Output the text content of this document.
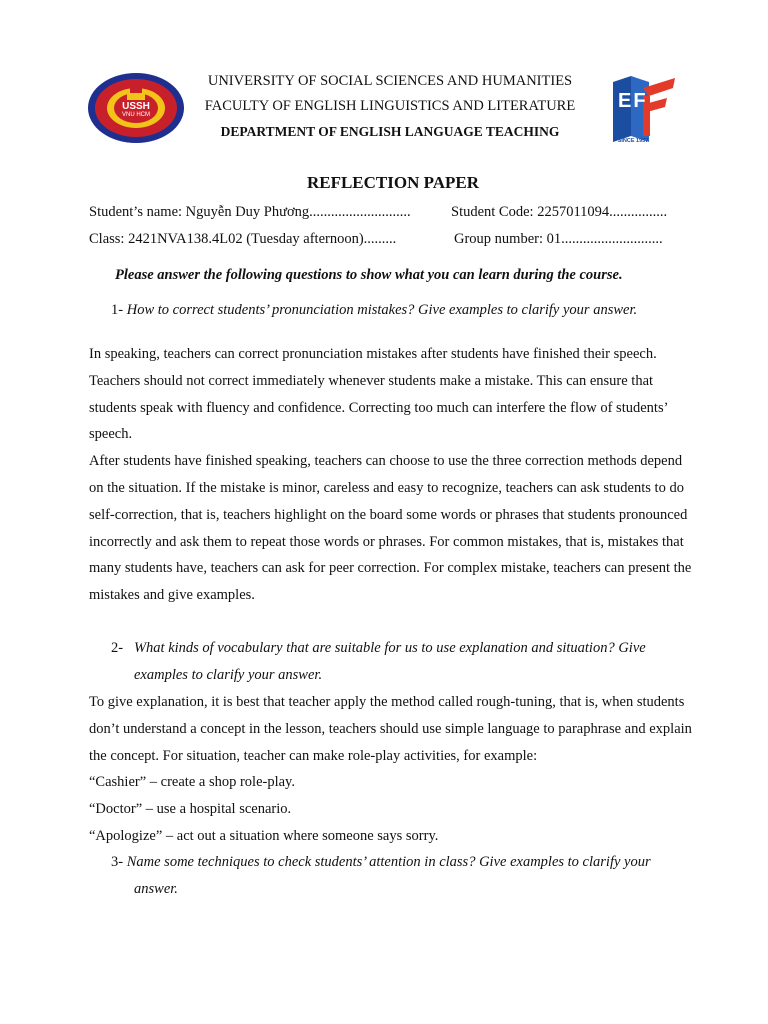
USSH
VNU HCM
EF
SINCE 1957
UNIVERSITY OF SOCIAL SCIENCES AND HUMANITIES
FACULTY OF ENGLISH LINGUISTICS AND LITERATURE
DEPARTMENT OF ENGLISH LANGUAGE TEACHING
REFLECTION PAPER
Student’s name: Nguyễn Duy Phương............................	Student Code: 2257011094................
Class: 2421NVA138.4L02 (Tuesday afternoon).........	Group number: 01............................
Please answer the following questions to show what you can learn during the course.
1- How to correct students’ pronunciation mistakes? Give examples to clarify your answer.

In speaking, teachers can correct pronunciation mistakes after students have finished their speech. Teachers should not correct immediately whenever students make a mistake. This can ensure that students speak with fluency and confidence. Correcting too much can interfere the flow of students’ speech.

After students have finished speaking, teachers can choose to use the three correction methods depend on the situation. If the mistake is minor, careless and easy to recognize, teachers can ask students to do self-correction, that is, teachers highlight on the board some words or phrases that students pronounced incorrectly and ask them to repeat those words or phrases. For common mistakes, that is, mistakes that many students have, teachers can ask for peer correction. For complex mistake, teachers can present the mistakes and give examples.

2- What kinds of vocabulary that are suitable for us to use explanation and situation? Give
examples to clarify your answer.

To give explanation, it is best that teacher apply the method called rough-tuning, that is, when students don’t understand a concept in the lesson, teachers should use simple language to paraphrase and explain the concept. For situation, teacher can make role-play activities, for example:

“Cashier” – create a shop role-play.

“Doctor” – use a hospital scenario.

“Apologize” – act out a situation where someone says sorry.

3- Name some techniques to check students’ attention in class? Give examples to clarify your
answer.
